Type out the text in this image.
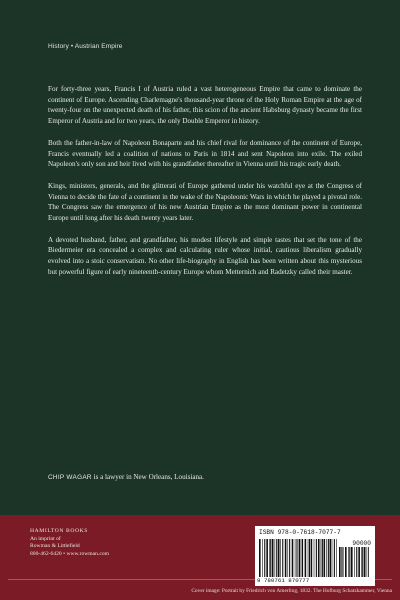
History • Austrian Empire

For forty-three years, Francis I of Austria ruled a vast heterogeneous Empire that came to dominate the continent of Europe. Ascending Charlemagne's thousand-year throne of the Holy Roman Empire at the age of twenty-four on the unexpected death of his father, this scion of the ancient Habsburg dynasty became the first Emperor of Austria and for two years, the only Double Emperor in history.

Both the father-in-law of Napoleon Bonaparte and his chief rival for dominance of the continent of Europe, Francis eventually led a coalition of nations to Paris in 1814 and sent Napoleon into exile. The exiled Napoleon's only son and heir lived with his grandfather thereafter in Vienna until his tragic early death.

Kings, ministers, generals, and the glitterati of Europe gathered under his watchful eye at the Congress of Vienna to decide the fate of a continent in the wake of the Napoleonic Wars in which he played a pivotal role. The Congress saw the emergence of his new Austrian Empire as the most dominant power in continental Europe until long after his death twenty years later.

A devoted husband, father, and grandfather, his modest lifestyle and simple tastes that set the tone of the Biedermeier era concealed a complex and calculating ruler whose initial, cautious liberalism gradually evolved into a stoic conservatism. No other life-biography in English has been written about this mysterious but powerful figure of early nineteenth-century Europe whom Metternich and Radetzky called their master.

CHIP WAGAR is a lawyer in New Orleans, Louisiana.
HAMILTON BOOKS
An imprint of
Rowman & Littlefield
800-462-6420 • www.rowman.com
ISBN 978-0-7618-7077-7
90000
9 780761 870777
Cover image: Portrait by Friedrich von Amerling, 1832. The Hofburg Schatzkammer, Vienna
